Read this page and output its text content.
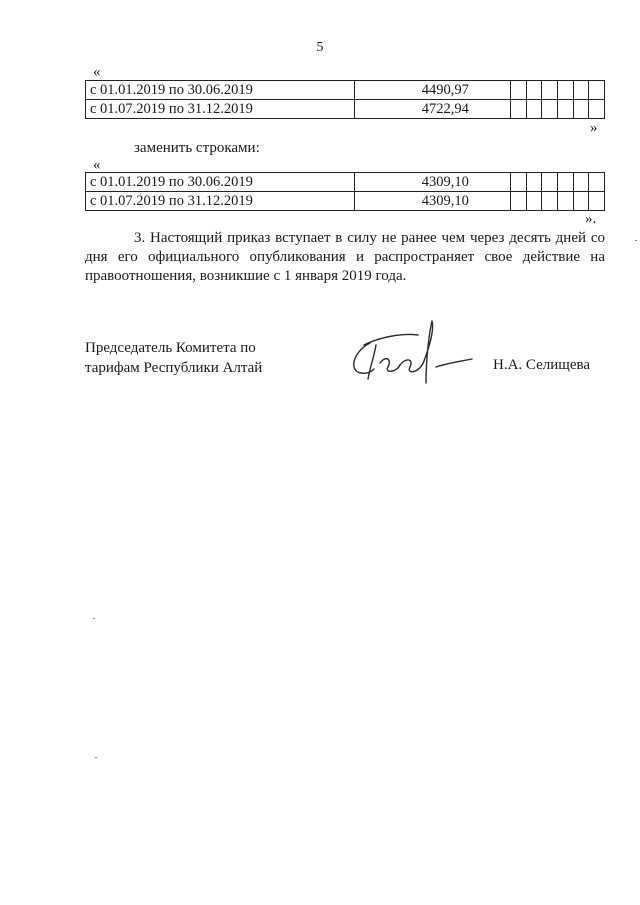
5
«
с 01.01.2019 по 30.06.2019	4490,97						
с 01.07.2019 по 31.12.2019	4722,94						
»
заменить строками:
«
с 01.01.2019 по 30.06.2019	4309,10						
с 01.07.2019 по 31.12.2019	4309,10						
».
3. Настоящий приказ вступает в силу не ранее чем через десять дней со дня его официального опубликования и распространяет свое действие на правоотношения, возникшие с 1 января 2019 года.
Председатель Комитета по
тарифам Республики Алтай	Н.А. Селищева
